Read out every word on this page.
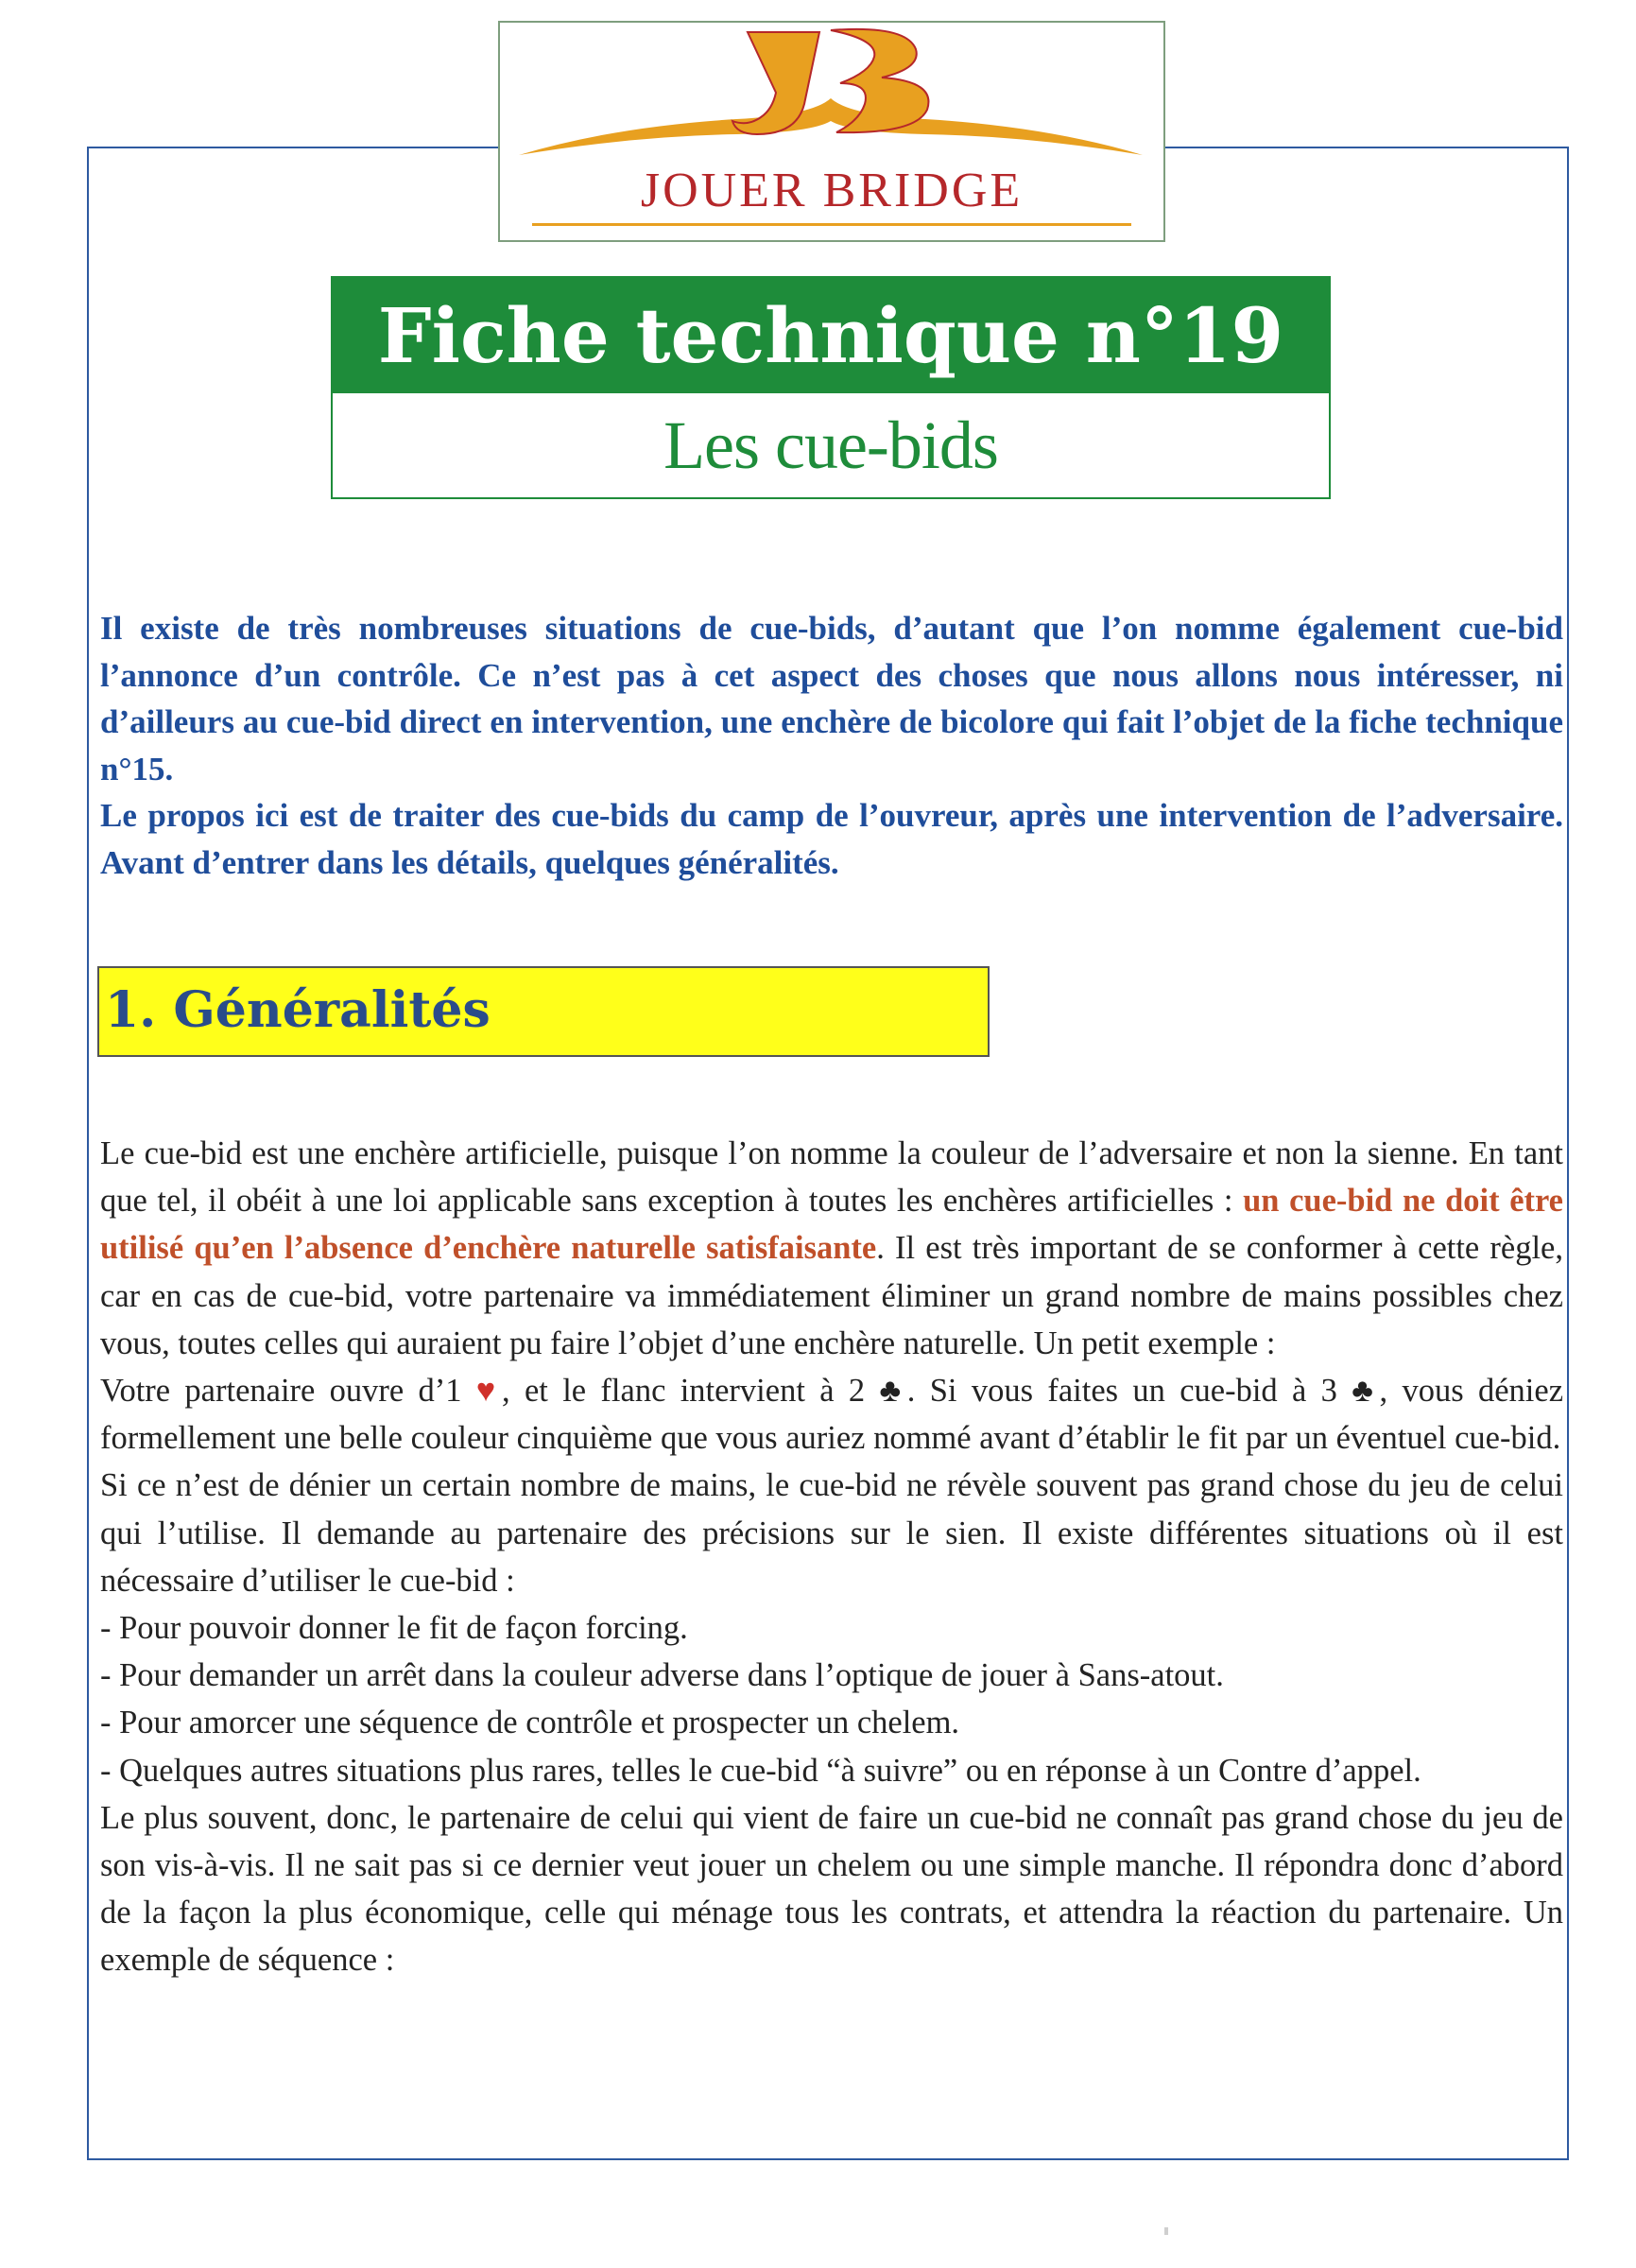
JOUER BRIDGE
Fiche technique n°19
Les cue-bids

Il existe de très nombreuses situations de cue-bids, d’autant que l’on nomme également cue-bid l’annonce d’un contrôle. Ce n’est pas à cet aspect des choses que nous allons nous intéresser, ni d’ailleurs au cue-bid direct en intervention, une enchère de bicolore qui fait l’objet de la fiche technique n°15.

Le propos ici est de traiter des cue-bids du camp de l’ouvreur, après une intervention de l’adversaire. Avant d’entrer dans les détails, quelques généralités.

1. Généralités

Le cue-bid est une enchère artificielle, puisque l’on nomme la couleur de l’adversaire et non la sienne. En tant que tel, il obéit à une loi applicable sans exception à toutes les enchères artificielles : un cue-bid ne doit être utilisé qu’en l’absence d’enchère naturelle satisfaisante. Il est très important de se conformer à cette règle, car en cas de cue-bid, votre partenaire va immédiatement éliminer un grand nombre de mains possibles chez vous, toutes celles qui auraient pu faire l’objet d’une enchère naturelle. Un petit exemple :

Votre partenaire ouvre d’1 ♥, et le flanc intervient à 2 ♣. Si vous faites un cue-bid à 3 ♣, vous déniez formellement une belle couleur cinquième que vous auriez nommé avant d’établir le fit par un éventuel cue-bid.

Si ce n’est de dénier un certain nombre de mains, le cue-bid ne révèle souvent pas grand chose du jeu de celui qui l’utilise. Il demande au partenaire des précisions sur le sien. Il existe différentes situations où il est nécessaire d’utiliser le cue-bid :

- Pour pouvoir donner le fit de façon forcing.

- Pour demander un arrêt dans la couleur adverse dans l’optique de jouer à Sans-atout.

- Pour amorcer une séquence de contrôle et prospecter un chelem.

- Quelques autres situations plus rares, telles le cue-bid “à suivre” ou en réponse à un Contre d’appel.

Le plus souvent, donc, le partenaire de celui qui vient de faire un cue-bid ne connaît pas grand chose du jeu de son vis-à-vis. Il ne sait pas si ce dernier veut jouer un chelem ou une simple manche. Il répondra donc d’abord de la façon la plus économique, celle qui ménage tous les contrats, et attendra la réaction du partenaire. Un exemple de séquence :
